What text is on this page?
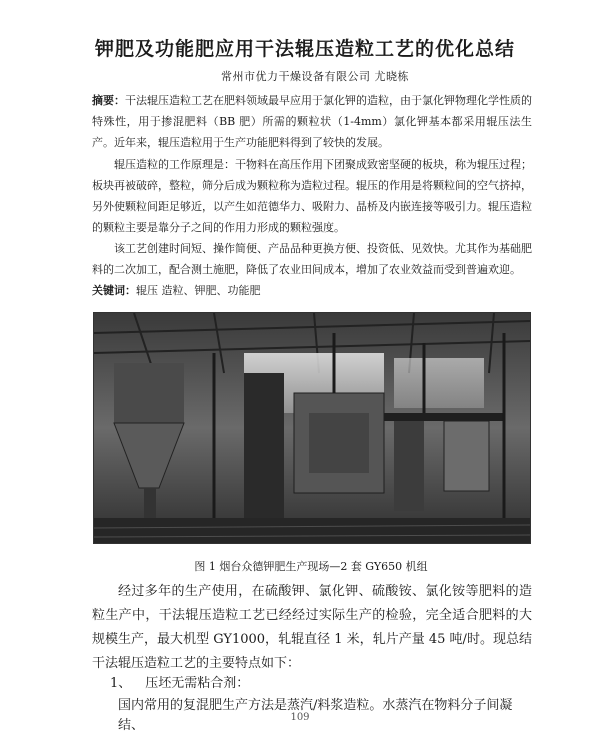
钾肥及功能肥应用干法辊压造粒工艺的优化总结
常州市优力干燥设备有限公司 尤晓栋
摘要：干法辊压造粒工艺在肥料领域最早应用于氯化钾的造粒，由于氯化钾物理化学性质的特殊性，用于掺混肥料（BB 肥）所需的颗粒状（1-4mm）氯化钾基本都采用辊压法生产。近年来，辊压造粒用于生产功能肥料得到了较快的发展。
辊压造粒的工作原理是：干物料在高压作用下团聚成致密坚硬的板块，称为辊压过程；板块再被破碎，整粒，筛分后成为颗粒称为造粒过程。辊压的作用是将颗粒间的空气挤掉，另外使颗粒间距足够近，以产生如范德华力、吸附力、晶桥及内嵌连接等吸引力。辊压造粒的颗粒主要是靠分子之间的作用力形成的颗粒强度。
该工艺创建时间短、操作简便、产品品种更换方便、投资低、见效快。尤其作为基础肥料的二次加工，配合测土施肥，降低了农业田间成本，增加了农业效益而受到普遍欢迎。
关键词：辊压 造粒、钾肥、功能肥
图 1 烟台众德钾肥生产现场—2 套 GY650 机组
经过多年的生产使用，在硫酸钾、氯化钾、硫酸铵、氯化铵等肥料的造粒生产中，干法辊压造粒工艺已经经过实际生产的检验，完全适合肥料的大规模生产，最大机型 GY1000，轧辊直径 1 米，轧片产量 45 吨/时。现总结干法辊压造粒工艺的主要特点如下：
1、 压坯无需粘合剂：
国内常用的复混肥生产方法是蒸汽/料浆造粒。水蒸汽在物料分子间凝结、
109
